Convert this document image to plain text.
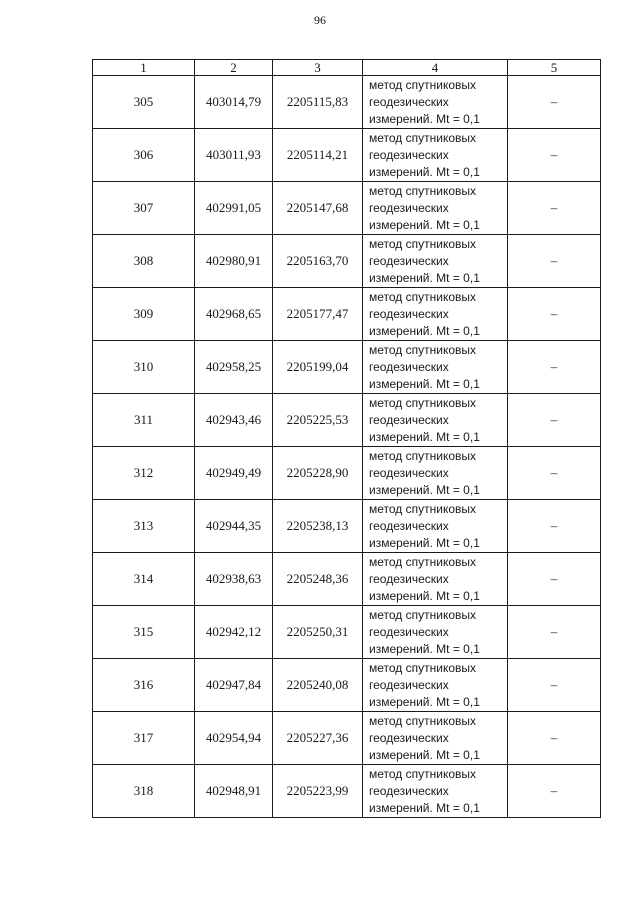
96
1	2	3	4	5
305	403014,79	2205115,83	метод спутниковых
геодезических
измерений. Mt = 0,1	–
306	403011,93	2205114,21	метод спутниковых
геодезических
измерений. Mt = 0,1	–
307	402991,05	2205147,68	метод спутниковых
геодезических
измерений. Mt = 0,1	–
308	402980,91	2205163,70	метод спутниковых
геодезических
измерений. Mt = 0,1	–
309	402968,65	2205177,47	метод спутниковых
геодезических
измерений. Mt = 0,1	–
310	402958,25	2205199,04	метод спутниковых
геодезических
измерений. Mt = 0,1	–
311	402943,46	2205225,53	метод спутниковых
геодезических
измерений. Mt = 0,1	–
312	402949,49	2205228,90	метод спутниковых
геодезических
измерений. Mt = 0,1	–
313	402944,35	2205238,13	метод спутниковых
геодезических
измерений. Mt = 0,1	–
314	402938,63	2205248,36	метод спутниковых
геодезических
измерений. Mt = 0,1	–
315	402942,12	2205250,31	метод спутниковых
геодезических
измерений. Mt = 0,1	–
316	402947,84	2205240,08	метод спутниковых
геодезических
измерений. Mt = 0,1	–
317	402954,94	2205227,36	метод спутниковых
геодезических
измерений. Mt = 0,1	–
318	402948,91	2205223,99	метод спутниковых
геодезических
измерений. Mt = 0,1	–
